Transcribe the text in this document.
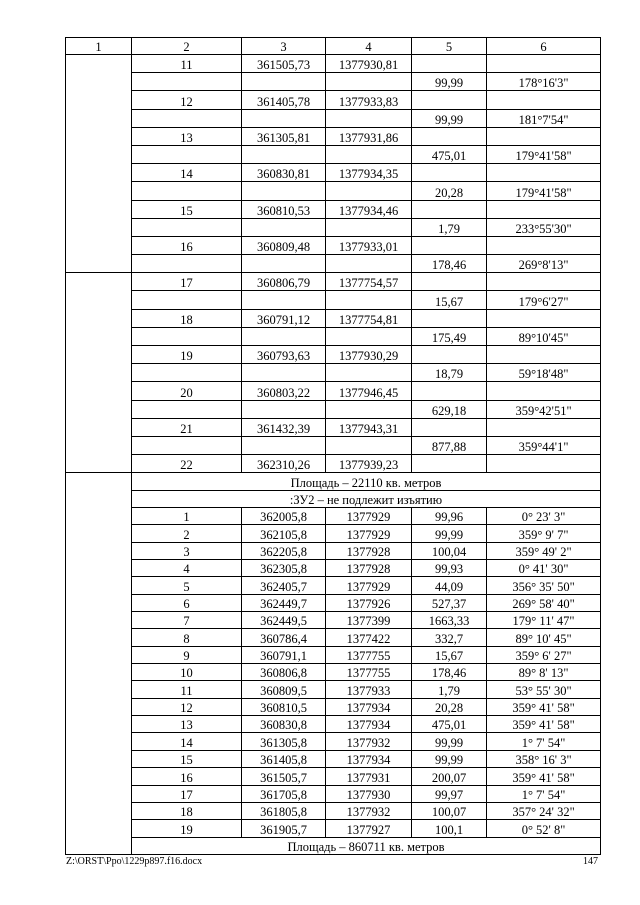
1	2	3	4	5	6
	11	361505,73	1377930,81		
				99,99	178°16'3"
	12	361405,78	1377933,83		
				99,99	181°7'54"
	13	361305,81	1377931,86		
				475,01	179°41'58"
	14	360830,81	1377934,35		
				20,28	179°41'58"
	15	360810,53	1377934,46		
				1,79	233°55'30"
	16	360809,48	1377933,01		
				178,46	269°8'13"
	17	360806,79	1377754,57		
				15,67	179°6'27"
	18	360791,12	1377754,81		
				175,49	89°10'45"
	19	360793,63	1377930,29		
				18,79	59°18'48"
	20	360803,22	1377946,45		
				629,18	359°42'51"
	21	361432,39	1377943,31		
				877,88	359°44'1"
	22	362310,26	1377939,23		
	Площадь – 22110 кв. метров				
	:ЗУ2 – не подлежит изъятию				
	1	362005,8	1377929	99,96	0° 23' 3"
	2	362105,8	1377929	99,99	359° 9' 7"
	3	362205,8	1377928	100,04	359° 49' 2"
	4	362305,8	1377928	99,93	0° 41' 30"
	5	362405,7	1377929	44,09	356° 35' 50"
	6	362449,7	1377926	527,37	269° 58' 40"
	7	362449,5	1377399	1663,33	179° 11' 47"
	8	360786,4	1377422	332,7	89° 10' 45"
	9	360791,1	1377755	15,67	359° 6' 27"
	10	360806,8	1377755	178,46	89° 8' 13"
	11	360809,5	1377933	1,79	53° 55' 30"
	12	360810,5	1377934	20,28	359° 41' 58"
	13	360830,8	1377934	475,01	359° 41' 58"
	14	361305,8	1377932	99,99	1° 7' 54"
	15	361405,8	1377934	99,99	358° 16' 3"
	16	361505,7	1377931	200,07	359° 41' 58"
	17	361705,8	1377930	99,97	1° 7' 54"
	18	361805,8	1377932	100,07	357° 24' 32"
	19	361905,7	1377927	100,1	0° 52' 8"
	Площадь – 860711 кв. метров				
Z:\ORST\Ppo\1229p897.f16.docx	147
